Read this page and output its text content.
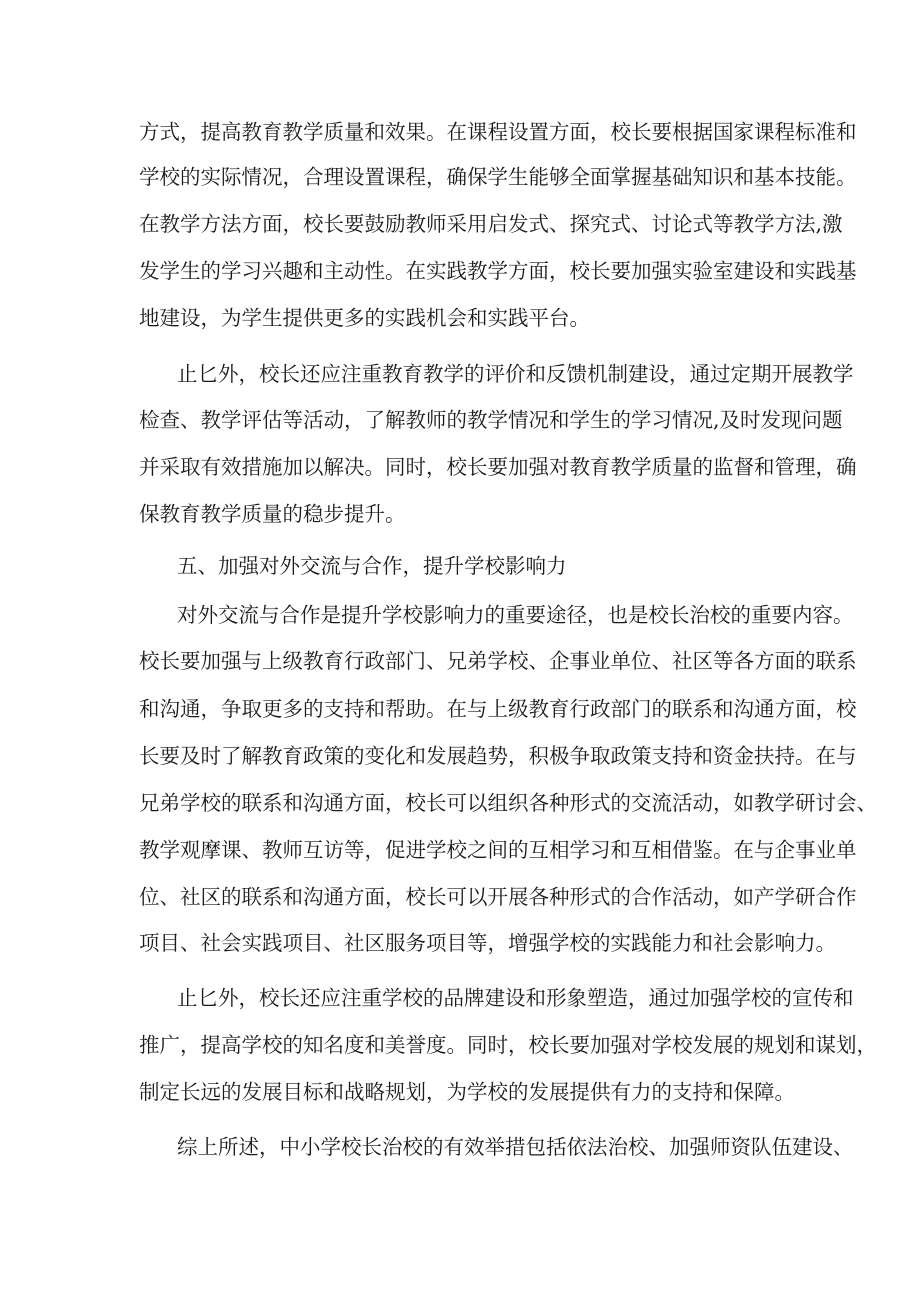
方式，提高教育教学质量和效果。在课程设置方面，校长要根据国家课程标准和
学校的实际情况，合理设置课程，确保学生能够全面掌握基础知识和基本技能。
在教学方法方面，校长要鼓励教师采用启发式、探究式、讨论式等教学方法,激
发学生的学习兴趣和主动性。在实践教学方面，校长要加强实验室建设和实践基
地建设，为学生提供更多的实践机会和实践平台。
止匕外，校长还应注重教育教学的评价和反馈机制建设，通过定期开展教学
检查、教学评估等活动，了解教师的教学情况和学生的学习情况,及时发现问题
并采取有效措施加以解决。同时，校长要加强对教育教学质量的监督和管理，确
保教育教学质量的稳步提升。
五、加强对外交流与合作，提升学校影响力
对外交流与合作是提升学校影响力的重要途径，也是校长治校的重要内容。
校长要加强与上级教育行政部门、兄弟学校、企事业单位、社区等各方面的联系
和沟通，争取更多的支持和帮助。在与上级教育行政部门的联系和沟通方面，校
长要及时了解教育政策的变化和发展趋势，积极争取政策支持和资金扶持。在与
兄弟学校的联系和沟通方面，校长可以组织各种形式的交流活动，如教学研讨会、
教学观摩课、教师互访等，促进学校之间的互相学习和互相借鉴。在与企事业单
位、社区的联系和沟通方面，校长可以开展各种形式的合作活动，如产学研合作
项目、社会实践项目、社区服务项目等，增强学校的实践能力和社会影响力。
止匕外，校长还应注重学校的品牌建设和形象塑造，通过加强学校的宣传和
推广，提高学校的知名度和美誉度。同时，校长要加强对学校发展的规划和谋划，
制定长远的发展目标和战略规划，为学校的发展提供有力的支持和保障。
综上所述，中小学校长治校的有效举措包括依法治校、加强师资队伍建设、
